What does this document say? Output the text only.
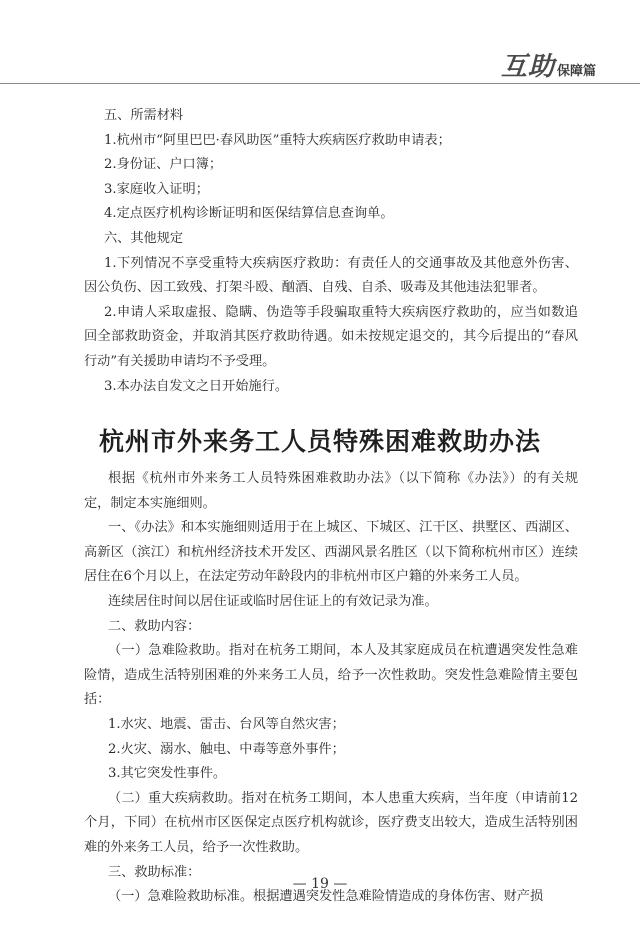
互助 保障篇

五、所需材料

1.杭州市“阿里巴巴·春风助医”重特大疾病医疗救助申请表；

2.身份证、户口簿；

3.家庭收入证明；

4.定点医疗机构诊断证明和医保结算信息查询单。

六、其他规定

1.下列情况不享受重特大疾病医疗救助：有责任人的交通事故及其他意外伤害、因公负伤、因工致残、打架斗殴、酗酒、自残、自杀、吸毒及其他违法犯罪者。

2.申请人采取虚报、隐瞒、伪造等手段骗取重特大疾病医疗救助的，应当如数追回全部救助资金，并取消其医疗救助待遇。如未按规定退交的，其今后提出的“春风行动”有关援助申请均不予受理。

3.本办法自发文之日开始施行。

杭州市外来务工人员特殊困难救助办法

根据《杭州市外来务工人员特殊困难救助办法》（以下简称《办法》）的有关规定，制定本实施细则。

一、《办法》和本实施细则适用于在上城区、下城区、江干区、拱墅区、西湖区、高新区（滨江）和杭州经济技术开发区、西湖风景名胜区（以下简称杭州市区）连续居住在6个月以上，在法定劳动年龄段内的非杭州市区户籍的外来务工人员。

连续居住时间以居住证或临时居住证上的有效记录为准。

二、救助内容：

（一）急难险救助。指对在杭务工期间，本人及其家庭成员在杭遭遇突发性急难险情，造成生活特别困难的外来务工人员，给予一次性救助。突发性急难险情主要包括：

1.水灾、地震、雷击、台风等自然灾害；

2.火灾、溺水、触电、中毒等意外事件；

3.其它突发性事件。

（二）重大疾病救助。指对在杭务工期间，本人患重大疾病，当年度（申请前12个月，下同）在杭州市区医保定点医疗机构就诊，医疗费支出较大，造成生活特别困难的外来务工人员，给予一次性救助。

三、救助标准：

（一）急难险救助标准。根据遭遇突发性急难险情造成的身体伤害、财产损

— 19 —
